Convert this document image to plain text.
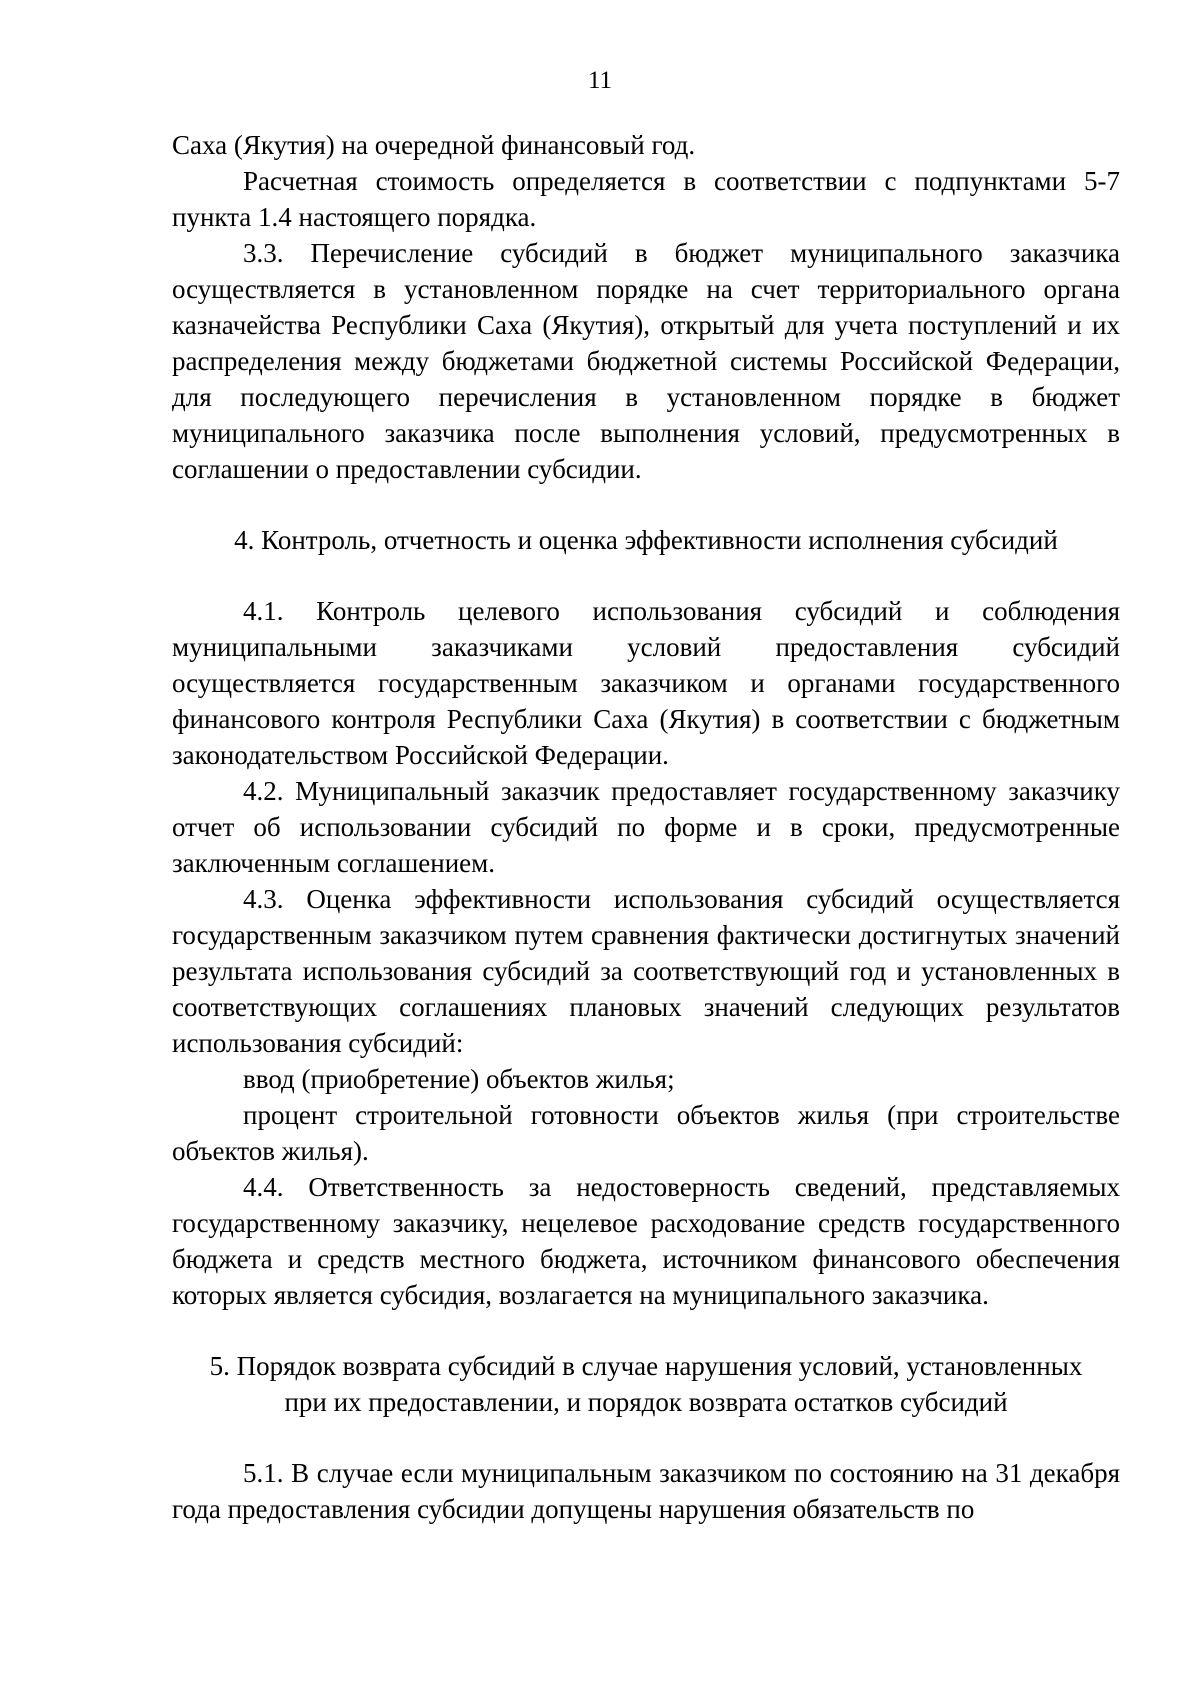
11

Саха (Якутия) на очередной финансовый год.

Расчетная стоимость определяется в соответствии с подпунктами 5-7 пункта 1.4 настоящего порядка.

3.3. Перечисление субсидий в бюджет муниципального заказчика осуществляется в установленном порядке на счет территориального органа казначейства Республики Саха (Якутия), открытый для учета поступлений и их распределения между бюджетами бюджетной системы Российской Федерации, для последующего перечисления в установленном порядке в бюджет муниципального заказчика после выполнения условий, предусмотренных в соглашении о предоставлении субсидии.

4. Контроль, отчетность и оценка эффективности исполнения субсидий

4.1. Контроль целевого использования субсидий и соблюдения муниципальными заказчиками условий предоставления субсидий осуществляется государственным заказчиком и органами государственного финансового контроля Республики Саха (Якутия) в соответствии с бюджетным законодательством Российской Федерации.

4.2. Муниципальный заказчик предоставляет государственному заказчику отчет об использовании субсидий по форме и в сроки, предусмотренные заключенным соглашением.

4.3. Оценка эффективности использования субсидий осуществляется государственным заказчиком путем сравнения фактически достигнутых значений результата использования субсидий за соответствующий год и установленных в соответствующих соглашениях плановых значений следующих результатов использования субсидий:

ввод (приобретение) объектов жилья;

процент строительной готовности объектов жилья (при строительстве объектов жилья).

4.4. Ответственность за недостоверность сведений, представляемых государственному заказчику, нецелевое расходование средств государственного бюджета и средств местного бюджета, источником финансового обеспечения которых является субсидия, возлагается на муниципального заказчика.

5. Порядок возврата субсидий в случае нарушения условий, установленных
при их предоставлении, и порядок возврата остатков субсидий

5.1. В случае если муниципальным заказчиком по состоянию на 31 декабря года предоставления субсидии допущены нарушения обязательств по
